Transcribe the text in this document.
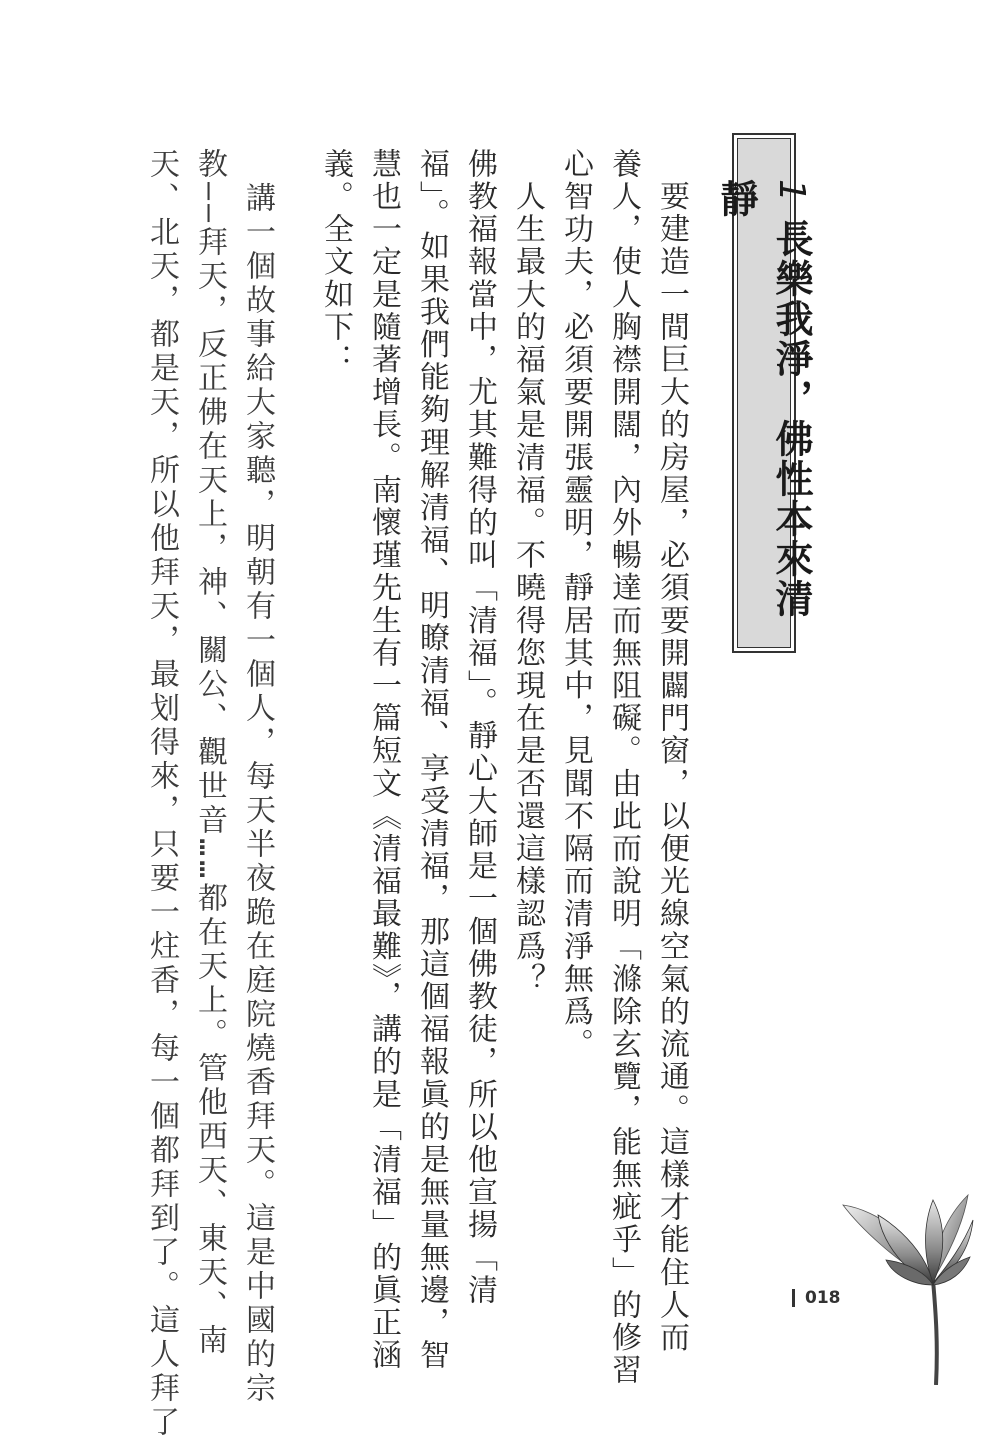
1 長樂我淨，佛性本來清靜
　要建造一間巨大的房屋，必須要開闢門窗，以便光線空氣的流通。這樣才能住人而
養人，使人胸襟開闊，內外暢達而無阻礙。由此而說明「滌除玄覽，能無疵乎」的修習
心智功夫，必須要開張靈明，靜居其中，見聞不隔而清淨無爲。
　人生最大的福氣是清福。不曉得您現在是否還這樣認爲？
佛教福報當中，尤其難得的叫「清福」。靜心大師是一個佛教徒，所以他宣揚「清
福」。如果我們能夠理解清福、明瞭清福、享受清福，那這個福報眞的是無量無邊，智
慧也一定是隨著增長。南懷瑾先生有一篇短文《清福最難》，講的是「清福」的眞正涵
義。全文如下：
　講一個故事給大家聽，明朝有一個人，每天半夜跪在庭院燒香拜天。這是中國的宗
教——拜天，反正佛在天上，神、關公、觀世音……都在天上。管他西天、東天、南
天、北天，都是天，所以他拜天，最划得來，只要一炷香，每一個都拜到了。這人拜了	018
